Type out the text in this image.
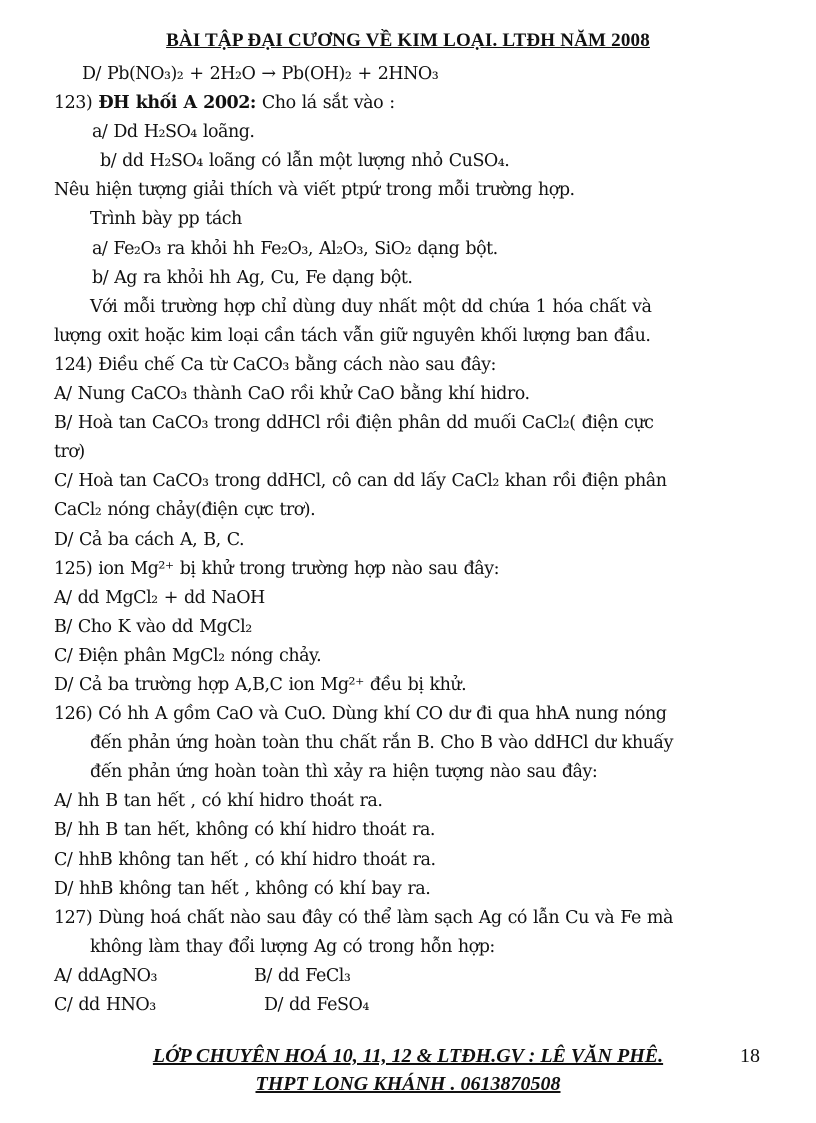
BÀI TẬP ĐẠI CƯƠNG VỀ KIM LOẠI. LTĐH NĂM 2008
D/ Pb(NO₃)₂ + 2H₂O → Pb(OH)₂ + 2HNO₃
123) ĐH khối A 2002: Cho lá sắt vào :
a/ Dd H₂SO₄ loãng.
b/ dd H₂SO₄ loãng có lẫn một lượng nhỏ CuSO₄.
Nêu hiện tượng giải thích và viết ptpứ trong mỗi trường hợp.
Trình bày pp tách
a/ Fe₂O₃ ra khỏi hh Fe₂O₃, Al₂O₃, SiO₂ dạng bột.
b/ Ag ra khỏi hh Ag, Cu, Fe dạng bột.
Với mỗi trường hợp chỉ dùng duy nhất một dd chứa 1 hóa chất và
lượng oxit hoặc kim loại cần tách vẫn giữ nguyên khối lượng ban đầu.
124) Điều chế Ca từ CaCO₃ bằng cách nào sau đây:
A/ Nung CaCO₃ thành CaO rồi khử CaO bằng khí hidro.
B/ Hoà tan CaCO₃ trong ddHCl rồi điện phân dd muối CaCl₂( điện cực
trơ)
C/ Hoà tan CaCO₃ trong ddHCl, cô can dd lấy CaCl₂ khan rồi điện phân
CaCl₂ nóng chảy(điện cực trơ).
D/ Cả ba cách A, B, C.
125) ion Mg²⁺ bị khử trong trường hợp nào sau đây:
A/ dd MgCl₂ + dd NaOH
B/ Cho K vào dd MgCl₂
C/ Điện phân MgCl₂ nóng chảy.
D/ Cả ba trường hợp A,B,C ion Mg²⁺ đều bị khử.
126) Có hh A gồm CaO và CuO. Dùng khí CO dư đi qua hhA nung nóng
đến phản ứng hoàn toàn thu chất rắn B. Cho B vào ddHCl dư khuấy
đến phản ứng hoàn toàn thì xảy ra hiện tượng nào sau đây:
A/ hh B tan hết , có khí hidro thoát ra.
B/ hh B tan hết, không có khí hidro thoát ra.
C/ hhB không tan hết , có khí hidro thoát ra.
D/ hhB không tan hết , không có khí bay ra.
127) Dùng hoá chất nào sau đây có thể làm sạch Ag có lẫn Cu và Fe mà
không làm thay đổi lượng Ag có trong hỗn hợp:
A/ ddAgNO₃	B/ dd FeCl₃
C/ dd HNO₃	D/ dd FeSO₄
LỚP CHUYÊN HOÁ 10, 11, 12 & LTĐH.GV : LÊ VĂN PHÊ.
THPT LONG KHÁNH . 0613870508
18
